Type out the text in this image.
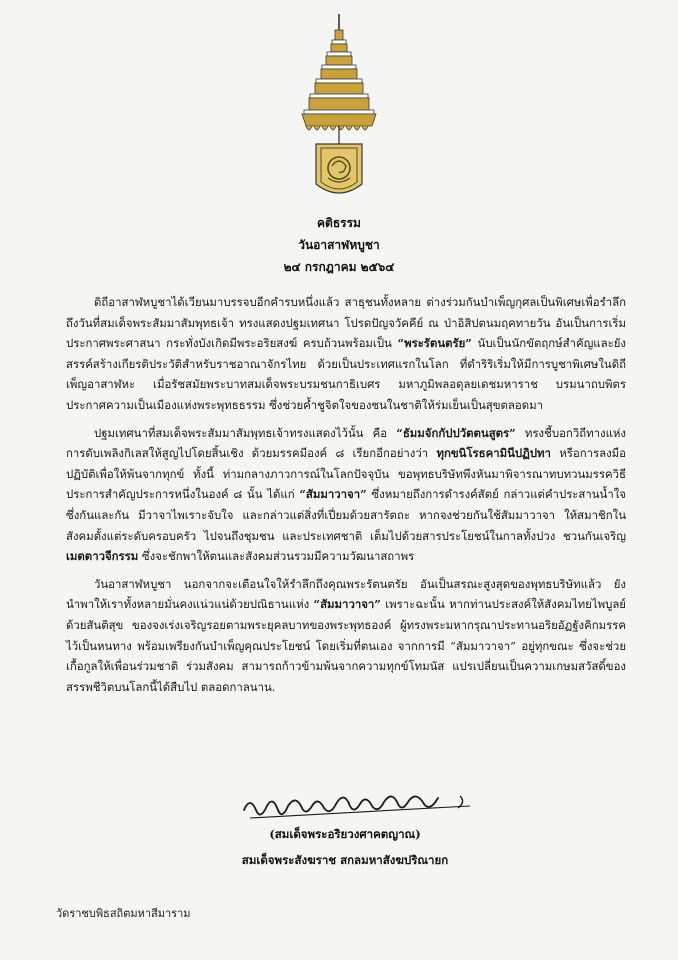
คติธรรม
วันอาสาฬหบูชา
๒๔ กรกฎาคม ๒๕๖๔

ดิถีอาสาฬหบูชาได้เวียนมาบรรจบอีกคำรบหนึ่งแล้ว สาธุชนทั้งหลาย ต่างร่วมกันบำเพ็ญกุศลเป็นพิเศษเพื่อรำลึกถึงวันที่สมเด็จพระสัมมาสัมพุทธเจ้า ทรงแสดงปฐมเทศนา โปรดปัญจวัคคีย์ ณ ป่าอิสิปตนมฤคทายวัน อันเป็นการเริ่มประกาศพระศาสนา กระทั่งบังเกิดมีพระอริยสงฆ์ ครบถ้วนพร้อมเป็น “พระรัตนตรัย” นับเป็นนักขัตฤกษ์สำคัญและยังสรรค์สร้างเกียรติประวัติสำหรับราชอาณาจักรไทย ด้วยเป็นประเทศแรกในโลก ที่ดำริริเริ่มให้มีการบูชาพิเศษในดิถีเพ็ญอาสาฬหะ เมื่อรัชสมัยพระบาทสมเด็จพระบรมชนกาธิเบศร มหาภูมิพลอดุลยเดชมหาราช บรมนาถบพิตร ประกาศความเป็นเมืองแห่งพระพุทธธรรม ซึ่งช่วยค้ำชูจิตใจของชนในชาติให้ร่มเย็นเป็นสุขตลอดมา

ปฐมเทศนาที่สมเด็จพระสัมมาสัมพุทธเจ้าทรงแสดงไว้นั้น คือ “ธัมมจักกัปปวัตตนสูตร” ทรงชี้บอกวิถีทางแห่งการดับเพลิงกิเลสให้สูญไปโดยสิ้นเชิง ด้วยมรรคมีองค์ ๘ เรียกอีกอย่างว่า ทุกขนิโรธคามินีปฏิปทา หรือการลงมือปฏิบัติเพื่อให้พ้นจากทุกข์ ทั้งนี้ ท่ามกลางภาวการณ์ในโลกปัจจุบัน ขอพุทธบริษัทพึงหันมาพิจารณาทบทวนมรรควิธีประการสำคัญประการหนึ่งในองค์ ๘ นั้น ได้แก่ “สัมมาวาจา” ซึ่งหมายถึงการดำรงค์สัตย์ กล่าวแต่คำประสานน้ำใจซึ่งกันและกัน มีวาจาไพเราะจับใจ และกล่าวแต่สิ่งที่เปี่ยมด้วยสารัตถะ หากจงช่วยกันใช้สัมมาวาจา ให้สมาชิกในสังคมตั้งแต่ระดับครอบครัว ไปจนถึงชุมชน และประเทศชาติ เต็มไปด้วยสารประโยชน์ในกาลทั้งปวง ชวนกันเจริญ เมตตาวจีกรรม ซึ่งจะชักพาให้ตนและสังคมส่วนรวมมีความวัฒนาสถาพร

วันอาสาฬหบูชา นอกจากจะเตือนใจให้รำลึกถึงคุณพระรัตนตรัย อันเป็นสรณะสูงสุดของพุทธบริษัทแล้ว ยังนำพาให้เราทั้งหลายมั่นคงแน่วแน่ด้วยปณิธานแห่ง “สัมมาวาจา” เพราะฉะนั้น หากท่านประสงค์ให้สังคมไทยไพบูลย์ด้วยสันติสุข ของจงเร่งเจริญรอยตามพระยุคลบาทของพระพุทธองค์ ผู้ทรงพระมหากรุณาประทานอริยอัฏฐังคิกมรรคไว้เป็นหนทาง พร้อมเพรียงกันบำเพ็ญคุณประโยชน์ โดยเริ่มที่ตนเอง จากการมี “สัมมาวาจา” อยู่ทุกขณะ ซึ่งจะช่วยเกื้อกูลให้เพื่อนร่วมชาติ ร่วมสังคม สามารถก้าวข้ามพ้นจากความทุกข์โทมนัส แปรเปลี่ยนเป็นความเกษมสวัสดิ์ของสรรพชีวิตบนโลกนี้ได้สืบไป ตลอดกาลนาน.

(สมเด็จพระอริยวงศาคตญาณ)
สมเด็จพระสังฆราช สกลมหาสังฆปริณายก
วัดราชบพิธสถิตมหาสีมาราม
